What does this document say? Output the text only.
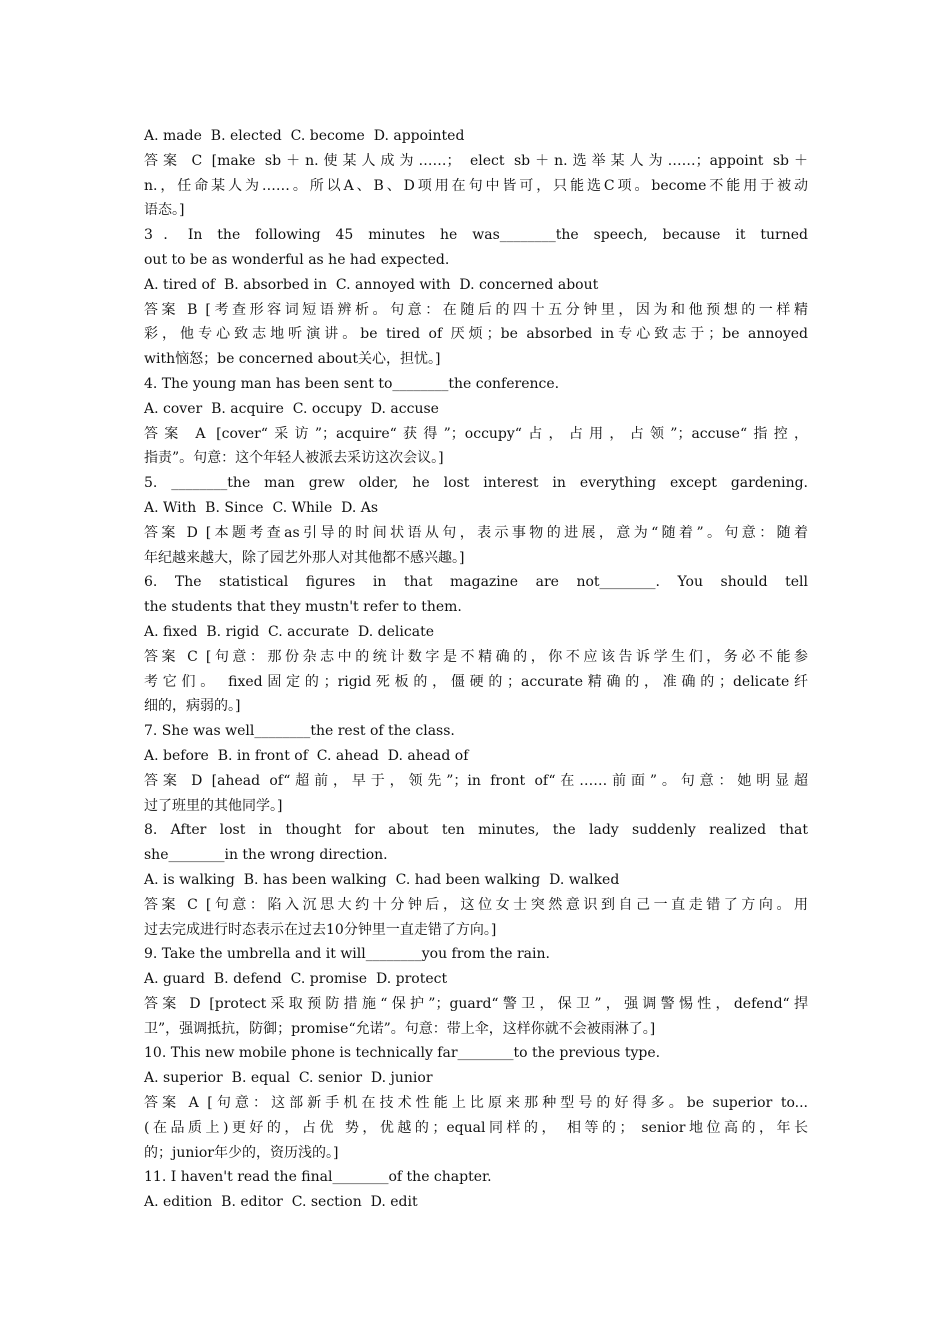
A. made  B. elected  C. become  D. appointed
答案 C [make sb＋n.使某人成为……； elect sb＋n.选举某人为……；appoint sb＋
n.，任命某人为……。所以A、B、D项用在句中皆可，只能选C项。become不能用于被动
语态。]
3．In the following 45 minutes he was________the speech, because it turned
out to be as wonderful as he had expected.
A. tired of  B. absorbed in  C. annoyed with  D. concerned about
答案 B [考查形容词短语辨析。句意：在随后的四十五分钟里，因为和他预想的一样精
彩，他专心致志地听演讲。be tired of 厌烦；be absorbed in专心致志于；be annoyed
with恼怒；be concerned about关心，担忧。]
4. The young man has been sent to________the conference.
A. cover  B. acquire  C. occupy  D. accuse
答案 A [cover“采访”；acquire“获得”；occupy“占，占用，占领”；accuse“指控，
指责”。句意：这个年轻人被派去采访这次会议。]
5. ________the man grew older, he lost interest in everything except gardening.
A. With  B. Since  C. While  D. As
答案 D [本题考查as引导的时间状语从句，表示事物的进展，意为“随着”。句意：随着
年纪越来越大，除了园艺外那人对其他都不感兴趣。]
6. The statistical figures in that magazine are not________. You should tell
the students that they mustn't refer to them.
A. fixed  B. rigid  C. accurate  D. delicate
答案 C [句意：那份杂志中的统计数字是不精确的，你不应该告诉学生们，务必不能参
考它们。 fixed固定的；rigid死板的，僵硬的；accurate精确的，准确的；delicate纤
细的，病弱的。]
7. She was well________the rest of the class.
A. before  B. in front of  C. ahead  D. ahead of
答案 D [ahead of“超前，早于，领先”；in front of“在……前面”。句意：她明显超
过了班里的其他同学。]
8. After lost in thought for about ten minutes, the lady suddenly realized that
she________in the wrong direction.
A. is walking  B. has been walking  C. had been walking  D. walked
答案 C [句意：陷入沉思大约十分钟后，这位女士突然意识到自己一直走错了方向。用
过去完成进行时态表示在过去10分钟里一直走错了方向。]
9. Take the umbrella and it will________you from the rain.
A. guard  B. defend  C. promise  D. protect
答案 D [protect采取预防措施“保护”；guard“警卫，保卫”，强调警惕性，defend“捍
卫”，强调抵抗，防御；promise“允诺”。句意：带上伞，这样你就不会被雨淋了。]
10. This new mobile phone is technically far________to the previous type.
A. superior  B. equal  C. senior  D. junior
答案 A [句意：这部新手机在技术性能上比原来那种型号的好得多。be superior to...
(在品质上)更好的，占优 势，优越的；equal同样的， 相等的； senior地位高的，年长
的；junior年少的，资历浅的。]
11. I haven't read the final________of the chapter.
A. edition  B. editor  C. section  D. edit
